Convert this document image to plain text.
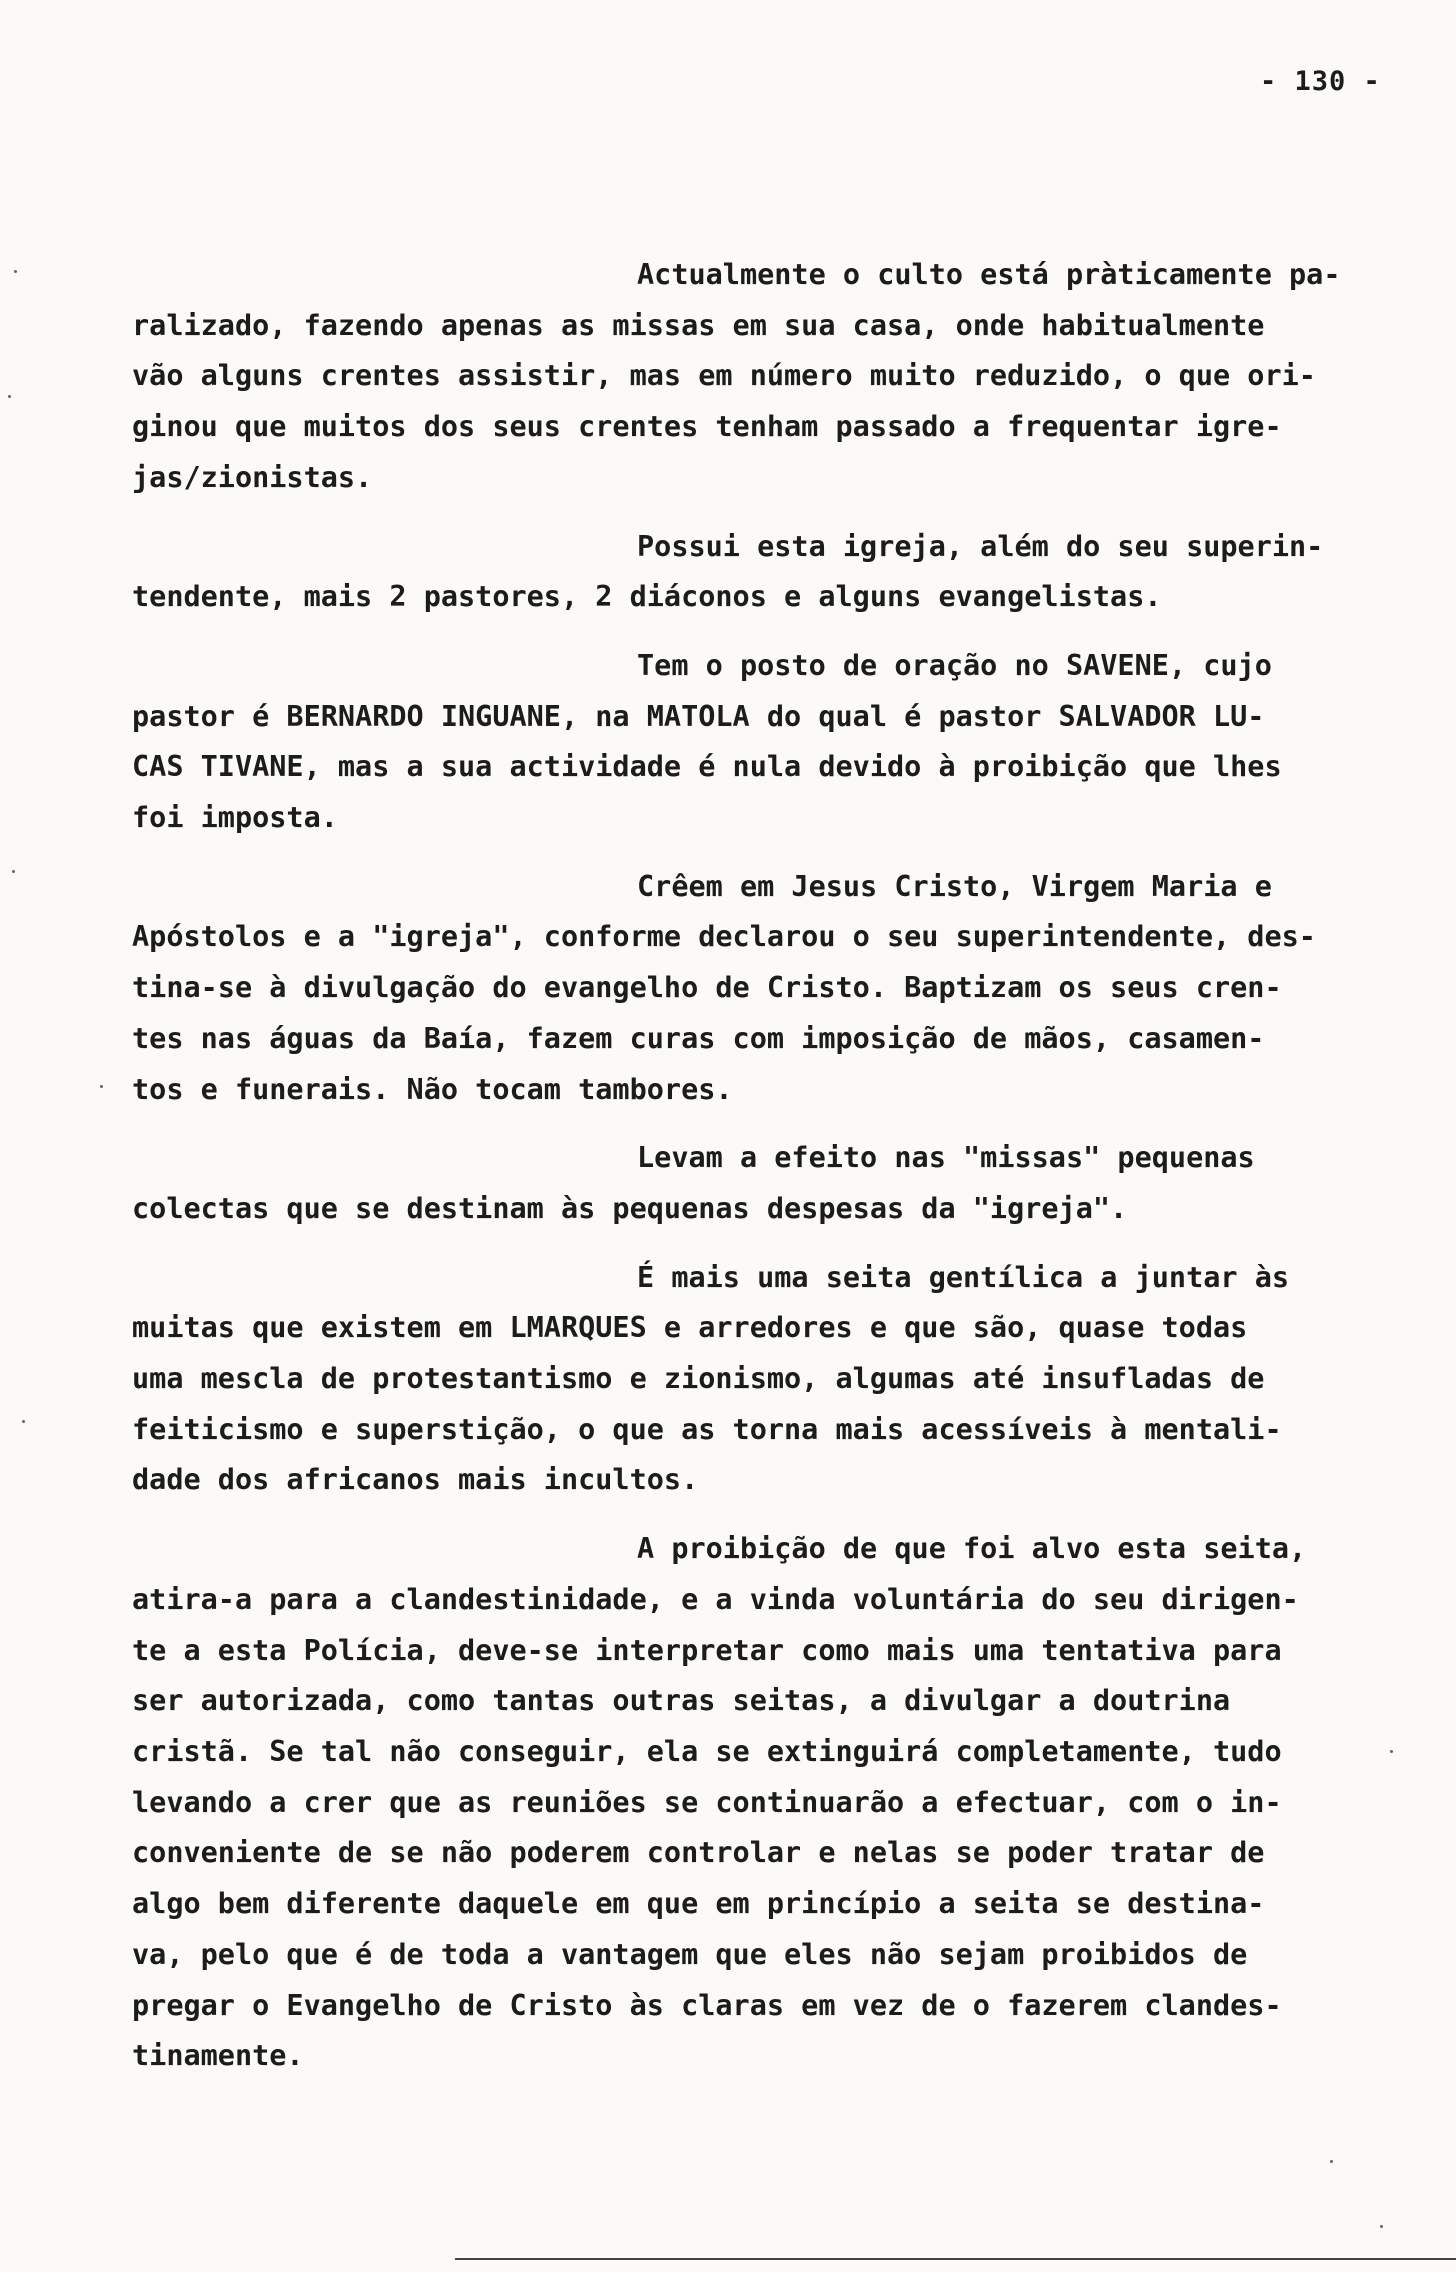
- 130 -

Actualmente o culto está pràticamente pa-
ralizado, fazendo apenas as missas em sua casa, onde habitualmente
vão alguns crentes assistir, mas em número muito reduzido, o que ori-
ginou que muitos dos seus crentes tenham passado a frequentar igre-
jas/zionistas.

Possui esta igreja, além do seu superin-
tendente, mais 2 pastores, 2 diáconos e alguns evangelistas.

Tem o posto de oração no SAVENE, cujo
pastor é BERNARDO INGUANE, na MATOLA do qual é pastor SALVADOR LU-
CAS TIVANE, mas a sua actividade é nula devido à proibição que lhes
foi imposta.

Crêem em Jesus Cristo, Virgem Maria e
Apóstolos e a "igreja", conforme declarou o seu superintendente, des-
tina-se à divulgação do evangelho de Cristo. Baptizam os seus cren-
tes nas águas da Baía, fazem curas com imposição de mãos, casamen-
tos e funerais. Não tocam tambores.

Levam a efeito nas "missas" pequenas
colectas que se destinam às pequenas despesas da "igreja".

É mais uma seita gentílica a juntar às
muitas que existem em LMARQUES e arredores e que são, quase todas
uma mescla de protestantismo e zionismo, algumas até insufladas de
feiticismo e superstição, o que as torna mais acessíveis à mentali-
dade dos africanos mais incultos.

A proibição de que foi alvo esta seita,
atira-a para a clandestinidade, e a vinda voluntária do seu dirigen-
te a esta Polícia, deve-se interpretar como mais uma tentativa para
ser autorizada, como tantas outras seitas, a divulgar a doutrina
cristã. Se tal não conseguir, ela se extinguirá completamente, tudo
levando a crer que as reuniões se continuarão a efectuar, com o in-
conveniente de se não poderem controlar e nelas se poder tratar de
algo bem diferente daquele em que em princípio a seita se destina-
va, pelo que é de toda a vantagem que eles não sejam proibidos de
pregar o Evangelho de Cristo às claras em vez de o fazerem clandes-
tinamente.
